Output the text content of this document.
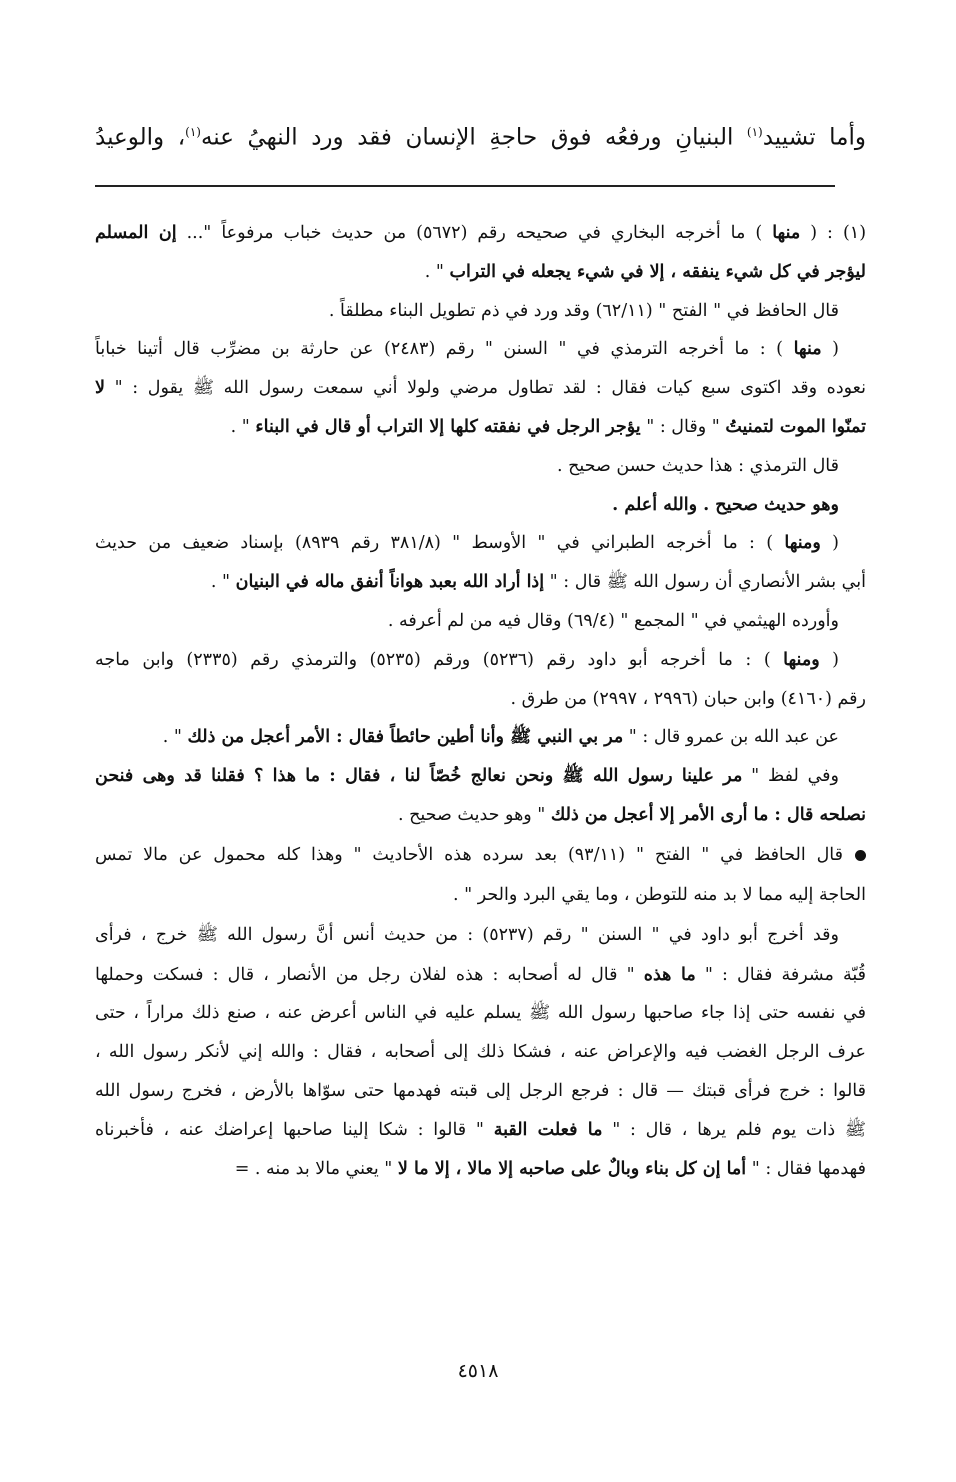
وأما تشييد$^{(١)}$ البنيانِ ورفعُه فوق حاجةِ الإنسان فقد ورد النهيُ عنه$^{(١)}$، والوعيدُ
(١) : ( منها ) ما أخرجه البخاري في صحيحه رقم (٥٦٧٢) من حديث خباب مرفوعاً "... إن المسلم
ليؤجر في كل شيء ينفقه ، إلا في شيء يجعله في التراب " .
قال الحافظ في " الفتح " (٦٢/١١) وقد ورد في ذم تطويل البناء مطلقاً .
( منها ) : ما أخرجه الترمذي في " السنن " رقم (٢٤٨٣) عن حارثة بن مضرِّب قال أتينا خباباً
نعوده وقد اكتوى سبع كيات فقال : لقد تطاول مرضي ولولا أني سمعت رسول الله ﷺ يقول : " لا
تمنّوا الموت لتمنيتُ " وقال : " يؤجر الرجل في نفقته كلها إلا التراب أو قال في البناء " .
قال الترمذي : هذا حديث حسن صحيح .
وهو حديث صحيح . والله أعلم .
( ومنها ) : ما أخرجه الطبراني في " الأوسط " (٣٨١/٨ رقم ٨٩٣٩) بإسناد ضعيف من حديث
أبي بشر الأنصاري أن رسول الله ﷺ قال : " إذا أراد الله بعبد هواناً أنفق ماله في البنيان " .
وأورده الهيثمي في " المجمع " (٦٩/٤) وقال فيه من لم أعرفه .
( ومنها ) : ما أخرجه أبو داود رقم (٥٢٣٦) ورقم (٥٢٣٥) والترمذي رقم (٢٣٣٥) وابن ماجه
رقم (٤١٦٠) وابن حبان (٢٩٩٦ ، ٢٩٩٧) من طرق .
عن عبد الله بن عمرو قال : " مر بي النبي ﷺ وأنا أطين حائطاً فقال : الأمر أعجل من ذلك " .
وفي لفظ " مر علينا رسول الله ﷺ ونحن نعالج خُصّاً لنا ، فقال : ما هذا ؟ فقلنا قد وهى فنحن
نصلحه قال : ما أرى الأمر إلا أعجل من ذلك " وهو حديث صحيح .
قال الحافظ في " الفتح " (٩٣/١١) بعد سرده هذه الأحاديث " وهذا كله محمول عن مالا تمس
الحاجة إليه مما لا بد منه للتوطن ، وما يقي البرد والحر " .
وقد أخرج أبو داود في " السنن " رقم (٥٢٣٧) : من حديث أنس أنَّ رسول الله ﷺ خرج ، فرأى
قُبّة مشرفة فقال : " ما هذه " قال له أصحابه : هذه لفلان رجل من الأنصار ، قال : فسكت وحملها
في نفسه حتى إذا جاء صاحبها رسول الله ﷺ يسلم عليه في الناس أعرض عنه ، صنع ذلك مراراً ، حتى
عرف الرجل الغضب فيه والإعراض عنه ، فشكا ذلك إلى أصحابه ، فقال : والله إني لأنكر رسول الله ،
قالوا : خرج فرأى قبتك — قال : فرجع الرجل إلى قبته فهدمها حتى سوّاها بالأرض ، فخرج رسول الله
ﷺ ذات يوم فلم يرها ، قال : " ما فعلت القبة " قالوا : شكا إلينا صاحبها إعراضك عنه ، فأخبرناه
فهدمها فقال : " أما إن كل بناء وبالٌ على صاحبه إلا مالا ، إلا ما لا " يعني مالا بد منه . =
٤٥١٨
